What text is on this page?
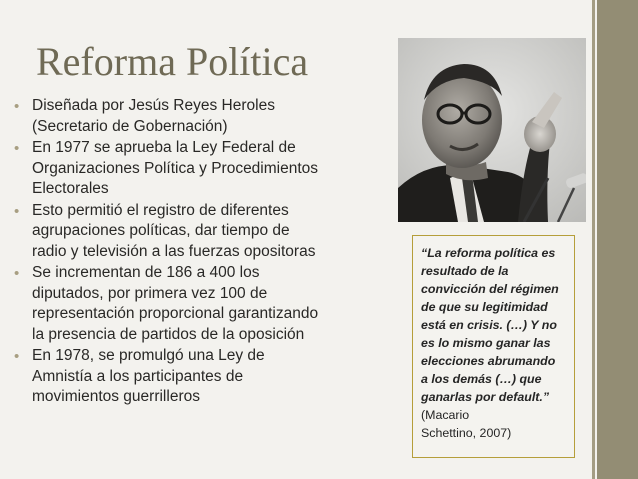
Reforma Política
• Diseñada por Jesús Reyes Heroles
(Secretario de Gobernación)
• En 1977 se aprueba la Ley Federal de
Organizaciones Política y Procedimientos
Electorales
• Esto permitió el registro de diferentes
agrupaciones políticas, dar tiempo de
radio y televisión a las fuerzas opositoras
• Se incrementan de 186 a 400 los
diputados, por primera vez 100 de
representación proporcional garantizando
la presencia de partidos de la oposición
• En 1978, se promulgó una Ley de
Amnistía a los participantes de
movimientos guerrilleros

“La reforma política es
resultado de la
convicción del régimen
de que su legitimidad
está en crisis. (…) Y no
es lo mismo ganar las
elecciones abrumando
a los demás (…) que
ganarlas por default.”

(Macario
Schettino, 2007)
